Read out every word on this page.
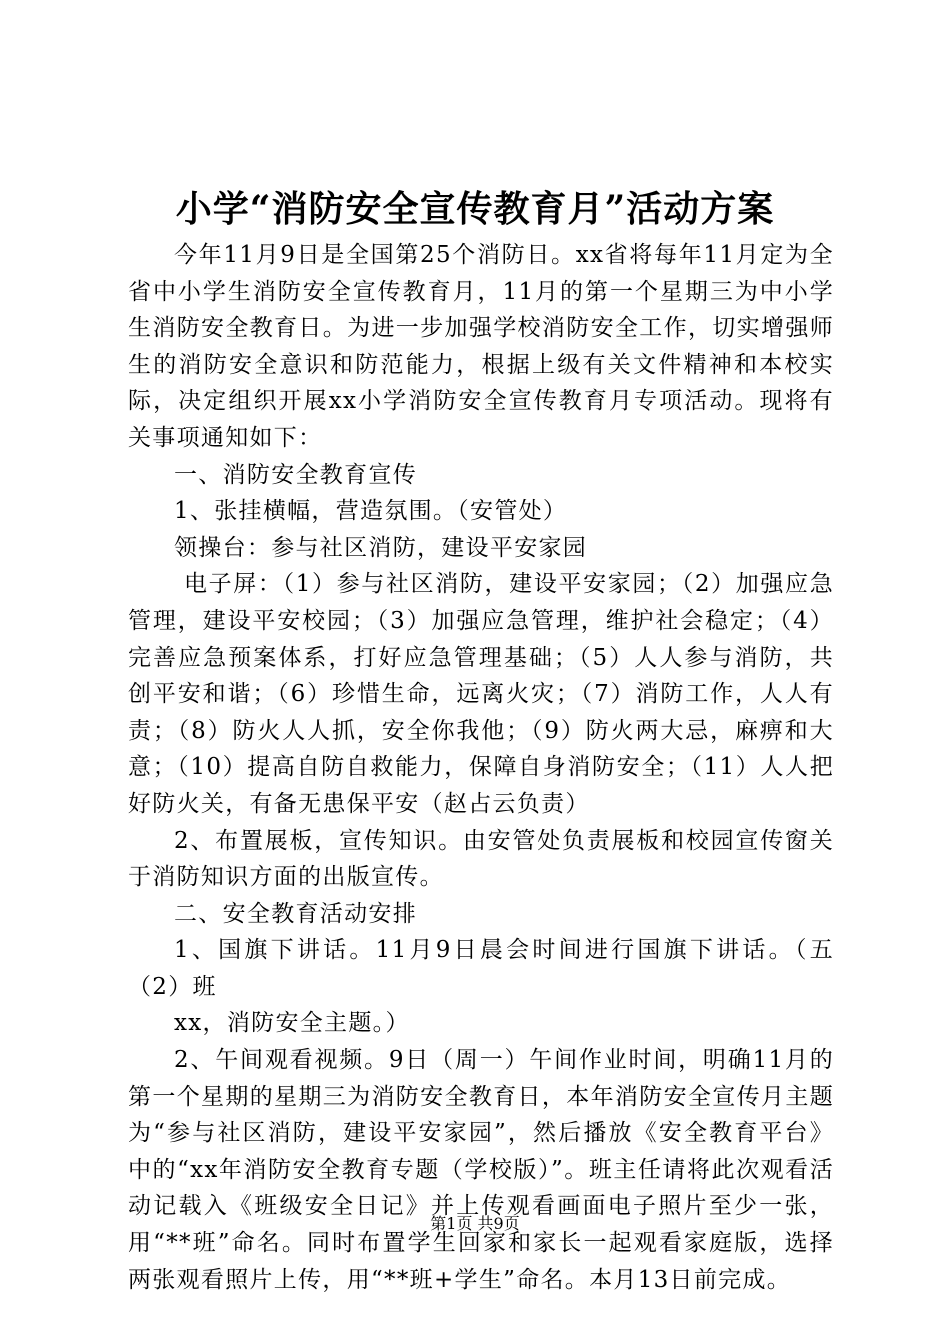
小学“消防安全宣传教育月”活动方案

今年11月9日是全国第25个消防日。xx省将每年11月定为全省中小学生消防安全宣传教育月，11月的第一个星期三为中小学生消防安全教育日。为进一步加强学校消防安全工作，切实增强师生的消防安全意识和防范能力，根据上级有关文件精神和本校实际，决定组织开展xx小学消防安全宣传教育月专项活动。现将有关事项通知如下：

一、消防安全教育宣传

1、张挂横幅，营造氛围。（安管处）

领操台：参与社区消防，建设平安家园

电子屏：（1）参与社区消防，建设平安家园；（2）加强应急管理，建设平安校园；（3）加强应急管理，维护社会稳定；（4）完善应急预案体系，打好应急管理基础；（5）人人参与消防，共创平安和谐；（6）珍惜生命，远离火灾；（7）消防工作，人人有责；（8）防火人人抓，安全你我他；（9）防火两大忌，麻痹和大意；（10）提高自防自救能力，保障自身消防安全；（11）人人把好防火关，有备无患保平安（赵占云负责）

2、布置展板，宣传知识。由安管处负责展板和校园宣传窗关于消防知识方面的出版宣传。

二、安全教育活动安排

1、国旗下讲话。11月9日晨会时间进行国旗下讲话。（五（2）班

xx，消防安全主题。）

2、午间观看视频。9日（周一）午间作业时间，明确11月的第一个星期的星期三为消防安全教育日，本年消防安全宣传月主题为“参与社区消防，建设平安家园”，然后播放《安全教育平台》中的“xx年消防安全教育专题（学校版）”。班主任请将此次观看活动记载入《班级安全日记》并上传观看画面电子照片至少一张，用“**班”命名。同时布置学生回家和家长一起观看家庭版，选择两张观看照片上传，用“**班+学生”命名。本月13日前完成。

第1页 共9页
